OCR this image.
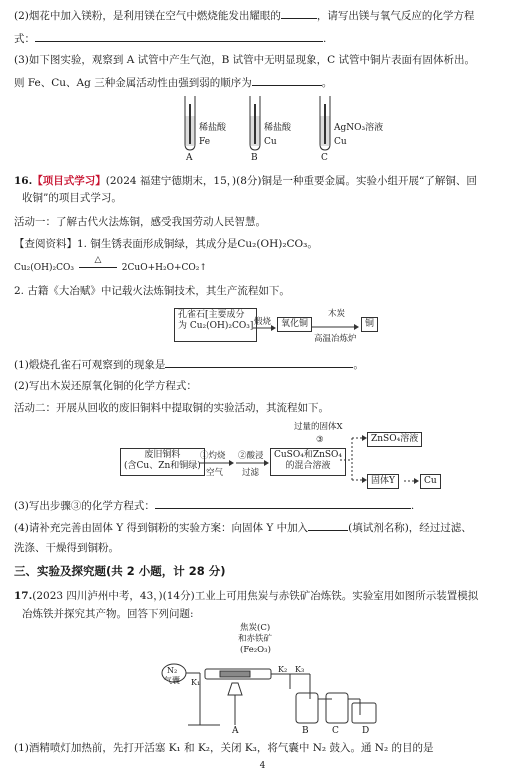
(2)烟花中加入镁粉，是利用镁在空气中燃烧能发出耀眼的	，请写出镁与氧气反应的化学方程
式：	.
(3)如下图实验，观察到 A 试管中产生气泡，B 试管中无明显现象，C 试管中铜片表面有固体析出。
则 Fe、Cu、Ag 三种金属活动性由强到弱的顺序为	。
稀盐酸
Fe
稀盐酸
Cu
AgNO₃溶液
Cu
A	B	C
16.【项目式学习】(2024 福建宁德期末，15，)(8分)铜是一种重要金属。实验小组开展“了解铜、回
收铜”的项目式学习。
活动一：了解古代火法炼铜，感受我国劳动人民智慧。
【查阅资料】1. 铜生锈表面形成铜绿，其成分是Cu₂(OH)₂CO₃。
Cu₂(OH)₂CO₃
△
2CuO+H₂O+CO₂↑
2. 古籍《大冶赋》中记载火法炼铜技术，其生产流程如下。
孔雀石[主要成分
为 Cu₂(OH)₂CO₃] 煅烧	氧化铜
木炭
高温冶炼炉
铜
(1)煅烧孔雀石可观察到的现象是	。
(2)写出木炭还原氧化铜的化学方程式：
活动二：开展从回收的废旧铜料中提取铜的实验活动，其流程如下。
过量的固体X
③
废旧铜料
(含Cu、Zn和铜绿)
①灼烧
空气
②酸浸
过滤
CuSO₄和ZnSO₄
的混合溶液
ZnSO₄溶液
固体Y	Cu
(3)写出步骤③的化学方程式：	.
(4)请补充完善由固体 Y 得到铜粉的实验方案：向固体 Y 中加入	(填试剂名称)，经过过滤、
洗涤、干燥得到铜粉。
三、实验及探究题(共 2 小题，计 28 分)
17.(2023 四川泸州中考，43，)(14分)工业上可用焦炭与赤铁矿冶炼铁。实验室用如图所示装置模拟
冶炼铁并探究其产物。回答下列问题:
焦炭(C)
和赤铁矿
(Fe₂O₃)
N₂
气囊
K₂ K₃
K₁
A	B	C	D
(1)酒精喷灯加热前，先打开活塞 K₁ 和 K₂，关闭 K₃，将气囊中 N₂ 鼓入。通 N₂ 的目的是
4
